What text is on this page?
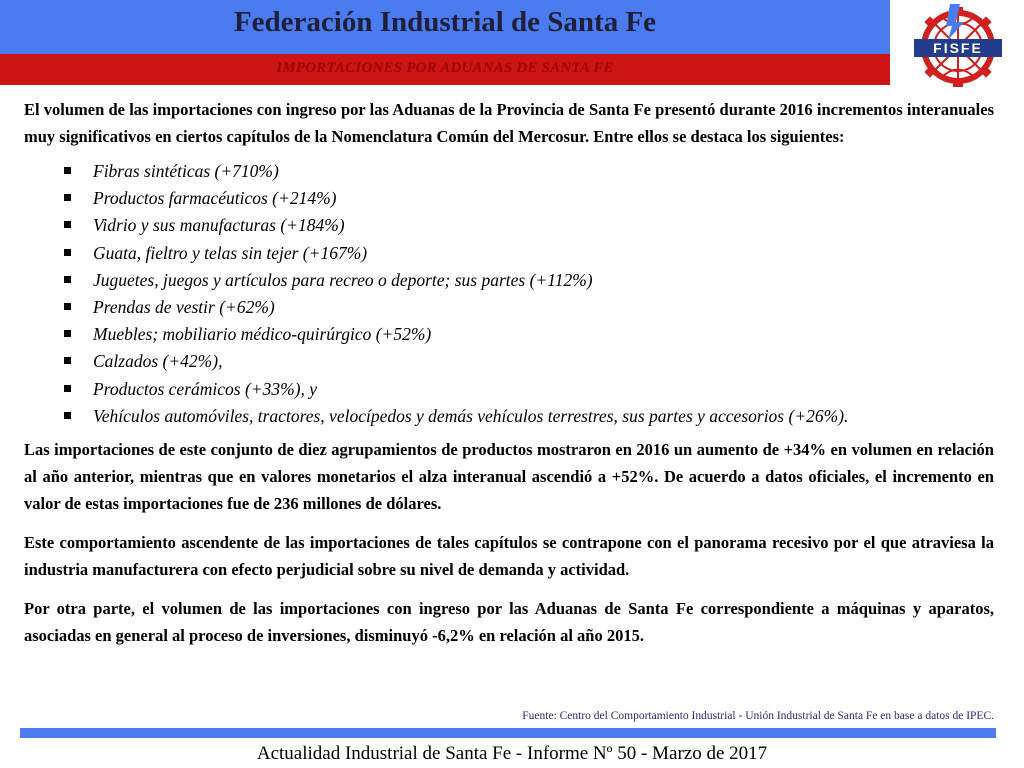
Federación Industrial de Santa Fe
IMPORTACIONES POR ADUANAS DE SANTA FE
FISFE

El volumen de las importaciones con ingreso por las Aduanas de la Provincia de Santa Fe presentó durante 2016 incrementos interanuales muy significativos en ciertos capítulos de la Nomenclatura Común del Mercosur. Entre ellos se destaca los siguientes:

Fibras sintéticas (+710%)
Productos farmacéuticos (+214%)
Vidrio y sus manufacturas (+184%)
Guata, fieltro y telas sin tejer (+167%)
Juguetes, juegos y artículos para recreo o deporte; sus partes (+112%)
Prendas de vestir (+62%)
Muebles; mobiliario médico-quirúrgico (+52%)
Calzados (+42%),
Productos cerámicos (+33%), y
Vehículos automóviles, tractores, velocípedos y demás vehículos terrestres, sus partes y accesorios (+26%).

Las importaciones de este conjunto de diez agrupamientos de productos mostraron en 2016 un aumento de +34% en volumen en relación al año anterior, mientras que en valores monetarios el alza interanual ascendió a +52%. De acuerdo a datos oficiales, el incremento en valor de estas importaciones fue de 236 millones de dólares.

Este comportamiento ascendente de las importaciones de tales capítulos se contrapone con el panorama recesivo por el que atraviesa la industria manufacturera con efecto perjudicial sobre su nivel de demanda y actividad.

Por otra parte, el volumen de las importaciones con ingreso por las Aduanas de Santa Fe correspondiente a máquinas y aparatos, asociadas en general al proceso de inversiones, disminuyó -6,2% en relación al año 2015.

Fuente: Centro del Comportamiento Industrial - Unión Industrial de Santa Fe en base a datos de IPEC.
Actualidad Industrial de Santa Fe - Informe Nº 50 - Marzo de 2017
